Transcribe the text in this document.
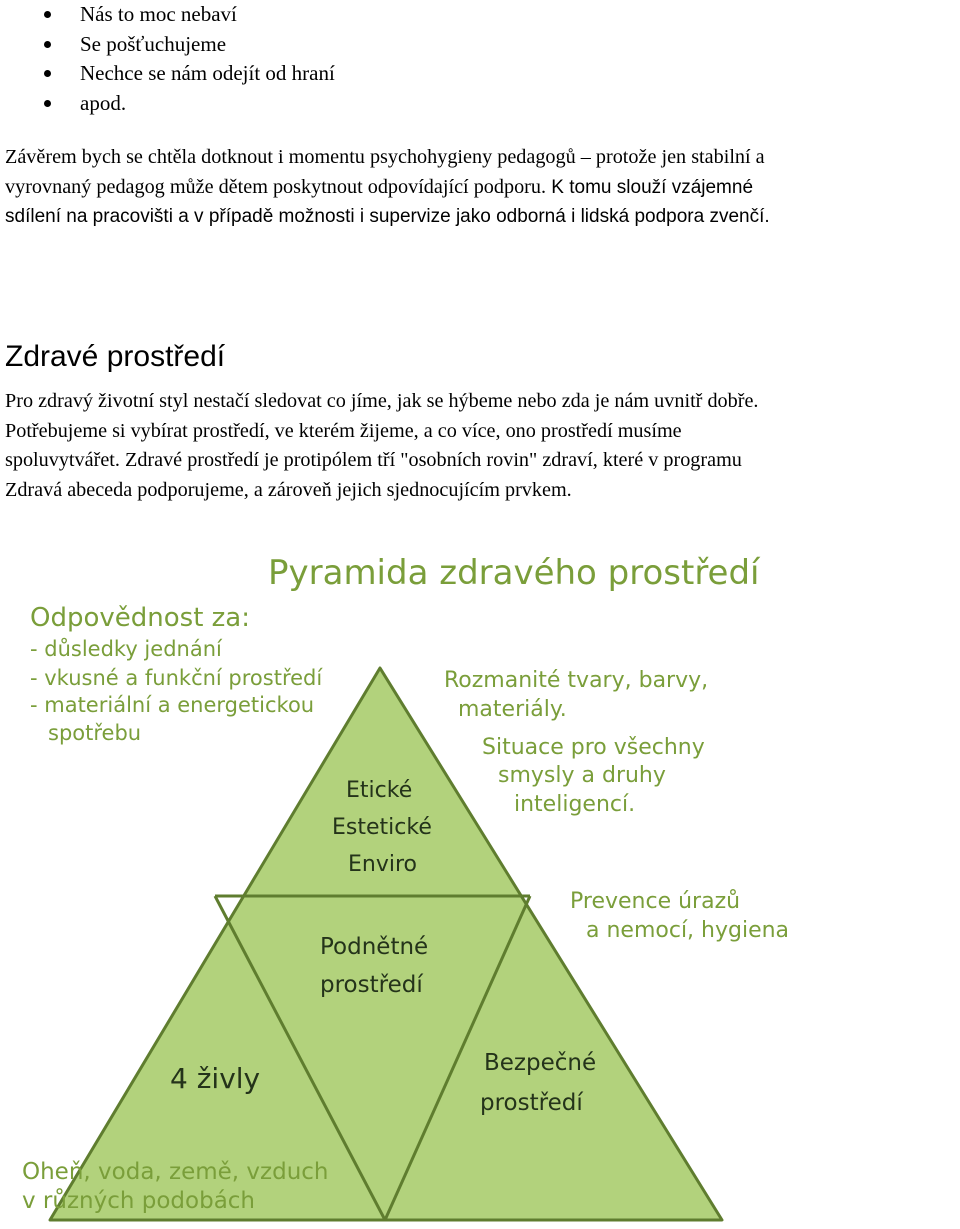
Nás to moc nebaví
Se pošťuchujeme
Nechce se nám odejít od hraní
apod.
Závěrem bych se chtěla dotknout i momentu psychohygieny pedagogů – protože jen stabilní a
vyrovnaný pedagog může dětem poskytnout odpovídající podporu. K tomu slouží vzájemné
sdílení na pracovišti a v případě možnosti i supervize jako odborná i lidská podpora zvenčí.
Zdravé prostředí
Pro zdravý životní styl nestačí sledovat co jíme, jak se hýbeme nebo zda je nám uvnitř dobře.
Potřebujeme si vybírat prostředí, ve kterém žijeme, a co více, ono prostředí musíme
spoluvytvářet. Zdravé prostředí je protipólem tří "osobních rovin" zdraví, které v programu
Zdravá abeceda podporujeme, a zároveň jejich sjednocujícím prvkem.
Pyramida zdravého prostředí
Odpovědnost za:
- důsledky jednání
- vkusné a funkční prostředí
- materiální a energetickou
spotřebu
Etické
Estetické
Enviro
Podnětné
prostředí
4 živly	Bezpečné
prostředí
Rozmanité tvary, barvy,
materiály.
Situace pro všechny
smysly a druhy
inteligencí.
Prevence úrazů
a nemocí, hygiena
Oheň, voda, země, vzduch
v různých podobách
